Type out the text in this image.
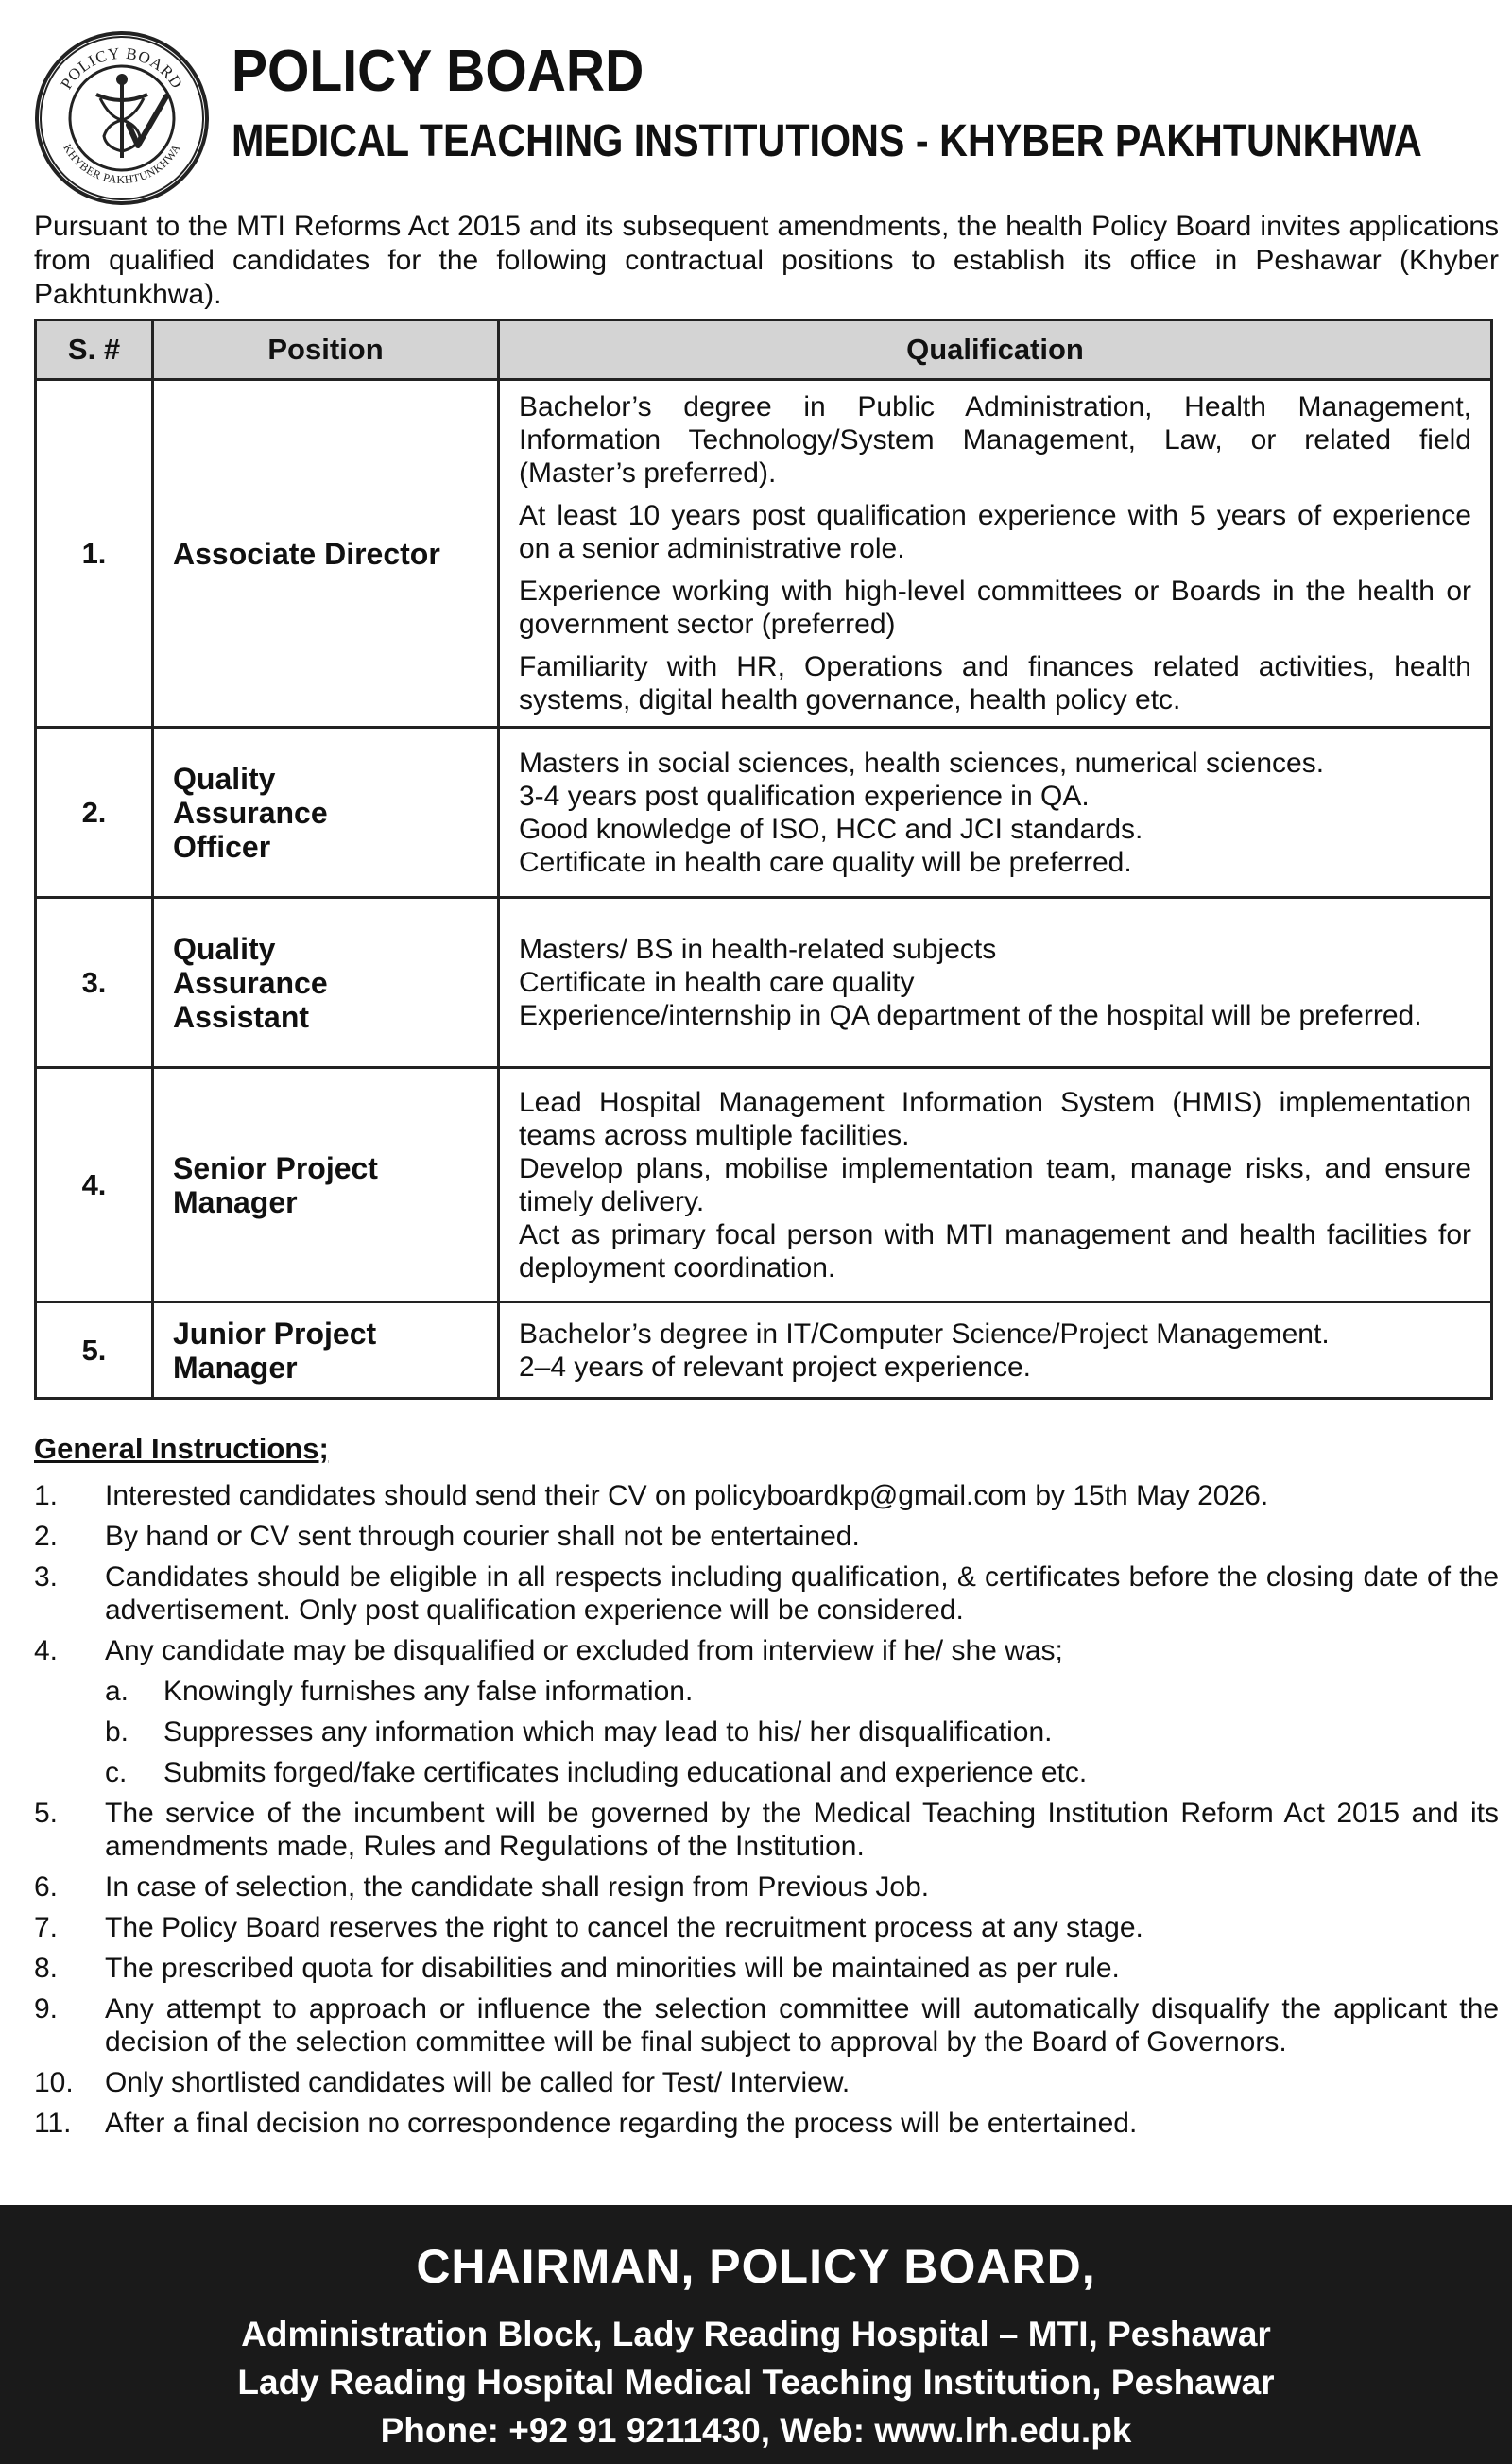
POLICY BOARD
KHYBER PAKHTUNKHWA
POLICY BOARD
MEDICAL TEACHING INSTITUTIONS - KHYBER PAKHTUNKHWA
Pursuant to the MTI Reforms Act 2015 and its subsequent amendments, the health Policy Board invites applications from qualified candidates for the following contractual positions to establish its office in Peshawar (Khyber Pakhtunkhwa).
S. #	Position	Qualification
1.	Associate Director	Bachelor’s degree in Public Administration, Health Management, Information Technology/System Management, Law, or related field (Master’s preferred).

At least 10 years post qualification experience with 5 years of experience on a senior administrative role.

Experience working with high-level committees or Boards in the health or government sector (preferred)

Familiarity with HR, Operations and finances related activities, health systems, digital health governance, health policy etc.

2.	Quality Assurance Officer	Masters in social sciences, health sciences, numerical sciences.

3-4 years post qualification experience in QA.

Good knowledge of ISO, HCC and JCI standards.

Certificate in health care quality will be preferred.

3.	Quality Assurance Assistant	Masters/ BS in health-related subjects

Certificate in health care quality

Experience/internship in QA department of the hospital will be preferred.

4.	Senior Project Manager	Lead Hospital Management Information System (HMIS) implementation teams across multiple facilities.

Develop plans, mobilise implementation team, manage risks, and ensure timely delivery.

Act as primary focal person with MTI management and health facilities for deployment coordination.

5.	Junior Project Manager	Bachelor’s degree in IT/Computer Science/Project Management.

2–4 years of relevant project experience.

General Instructions;
1.	Interested candidates should send their CV on policyboardkp@gmail.com by 15th May 2026.
2.	By hand or CV sent through courier shall not be entertained.
3.	Candidates should be eligible in all respects including qualification, & certificates before the closing date of the advertisement. Only post qualification experience will be considered.
4.	Any candidate may be disqualified or excluded from interview if he/ she was;
a.	Knowingly furnishes any false information.
b.	Suppresses any information which may lead to his/ her disqualification.
c.	Submits forged/fake certificates including educational and experience etc.
5.	The service of the incumbent will be governed by the Medical Teaching Institution Reform Act 2015 and its amendments made, Rules and Regulations of the Institution.
6.	In case of selection, the candidate shall resign from Previous Job.
7.	The Policy Board reserves the right to cancel the recruitment process at any stage.
8.	The prescribed quota for disabilities and minorities will be maintained as per rule.
9.	Any attempt to approach or influence the selection committee will automatically disqualify the applicant the decision of the selection committee will be final subject to approval by the Board of Governors.
10.	Only shortlisted candidates will be called for Test/ Interview.
11.	After a final decision no correspondence regarding the process will be entertained.
CHAIRMAN, POLICY BOARD,
Administration Block, Lady Reading Hospital – MTI, Peshawar
Lady Reading Hospital Medical Teaching Institution, Peshawar
Phone: +92 91 9211430, Web: www.lrh.edu.pk
